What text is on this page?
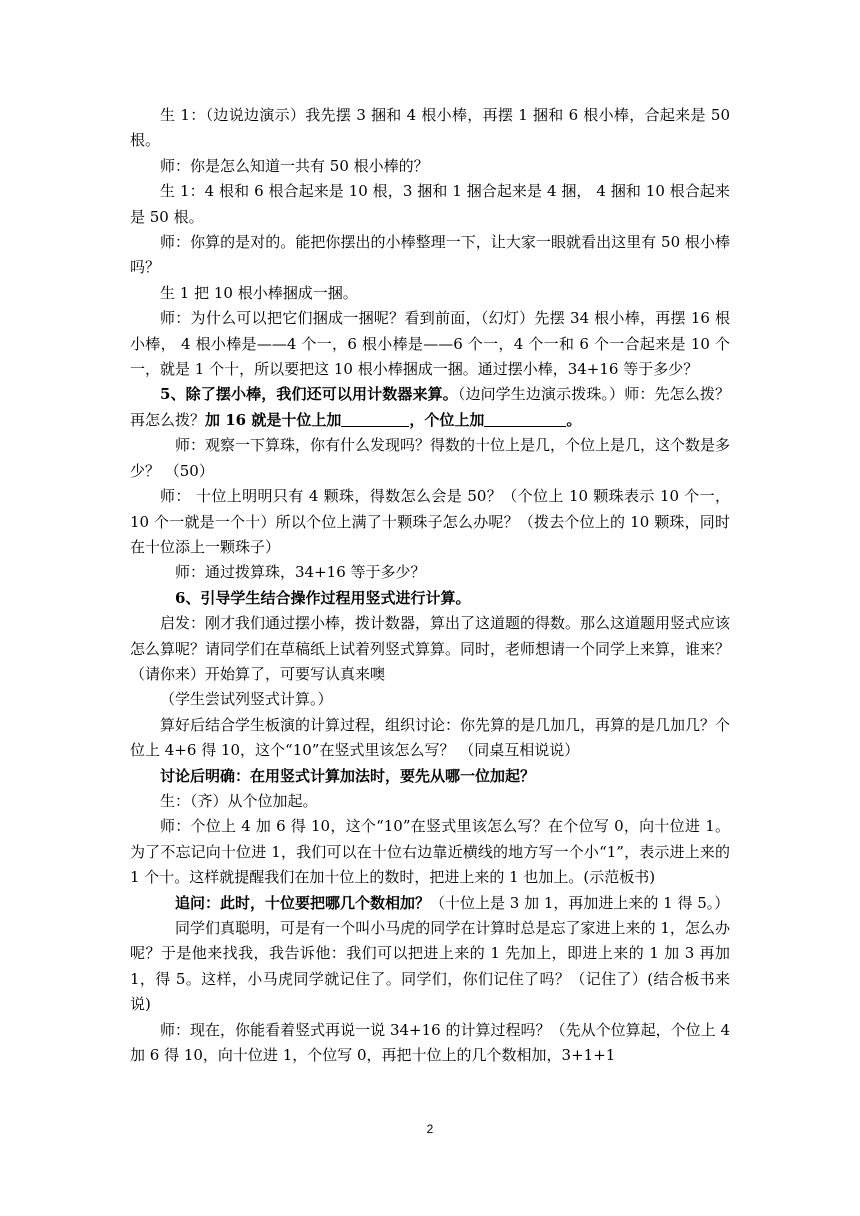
生 1：（边说边演示）我先摆 3 捆和 4 根小棒，再摆 1 捆和 6 根小棒，合起来是 50 根。

师：你是怎么知道一共有 50 根小棒的？

生 1：4 根和 6 根合起来是 10 根，3 捆和 1 捆合起来是 4 捆， 4 捆和 10 根合起来是 50 根。

师：你算的是对的。能把你摆出的小棒整理一下，让大家一眼就看出这里有 50 根小棒吗？

生 1 把 10 根小棒捆成一捆。

师：为什么可以把它们捆成一捆呢？看到前面，（幻灯）先摆 34 根小棒，再摆 16 根小棒， 4 根小棒是——4 个一，6 根小棒是——6 个一，4 个一和 6 个一合起来是 10 个一，就是 1 个十，所以要把这 10 根小棒捆成一捆。通过摆小棒，34+16 等于多少？

5、除了摆小棒，我们还可以用计数器来算。（边问学生边演示拨珠。）师：先怎么拨？再怎么拨？加 16 就是十位上加	，个位上加	。

师：观察一下算珠，你有什么发现吗？得数的十位上是几，个位上是几，这个数是多少？ （50）

师： 十位上明明只有 4 颗珠，得数怎么会是 50？（个位上 10 颗珠表示 10 个一，10 个一就是一个十）所以个位上满了十颗珠子怎么办呢？（拨去个位上的 10 颗珠，同时在十位添上一颗珠子）

师：通过拨算珠，34+16 等于多少？

6、引导学生结合操作过程用竖式进行计算。

启发：刚才我们通过摆小棒，拨计数器，算出了这道题的得数。那么这道题用竖式应该怎么算呢？请同学们在草稿纸上试着列竖式算算。同时，老师想请一个同学上来算，谁来？（请你来）开始算了，可要写认真来噢

（学生尝试列竖式计算。）

算好后结合学生板演的计算过程，组织讨论：你先算的是几加几，再算的是几加几？个位上 4+6 得 10，这个“10”在竖式里该怎么写？ （同桌互相说说）

讨论后明确：在用竖式计算加法时，要先从哪一位加起？

生：（齐）从个位加起。

师：个位上 4 加 6 得 10，这个“10”在竖式里该怎么写？在个位写 0，向十位进 1。为了不忘记向十位进 1，我们可以在十位右边靠近横线的地方写一个小“1”，表示进上来的 1 个十。这样就提醒我们在加十位上的数时，把进上来的 1 也加上。(示范板书)

追问：此时，十位要把哪几个数相加？（十位上是 3 加 1，再加进上来的 1 得 5。）

同学们真聪明，可是有一个叫小马虎的同学在计算时总是忘了家进上来的 1，怎么办呢？于是他来找我，我告诉他：我们可以把进上来的 1 先加上，即进上来的 1 加 3 再加 1，得 5。这样，小马虎同学就记住了。同学们，你们记住了吗？（记住了）(结合板书来说)

师：现在，你能看着竖式再说一说 34+16 的计算过程吗？（先从个位算起，个位上 4 加 6 得 10，向十位进 1，个位写 0，再把十位上的几个数相加，3+1+1

2
